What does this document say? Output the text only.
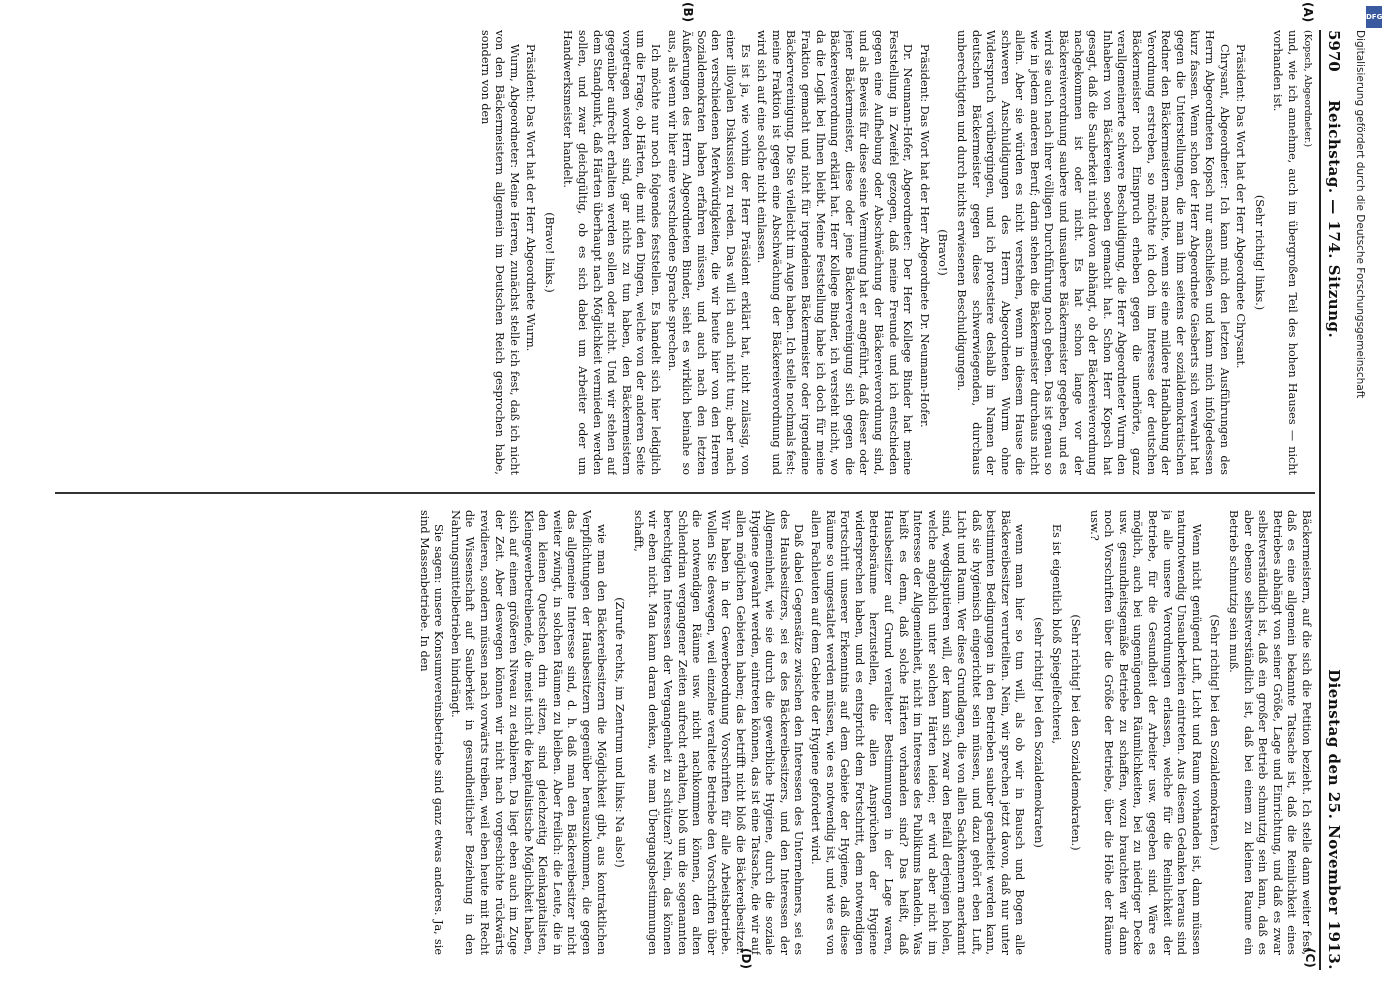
5970
Reichstag. — 174. Sitzung.
Dienstag den 25. November 1913.
(A)
(B)
(C)
(D)

(Kopsch, Abgeordneter.)

und, wie ich annehme, auch im übergroßen Teil des hohen Hauses — nicht vorhanden ist.

(Sehr richtig! links.)

Präsident: Das Wort hat der Herr Abgeordnete Chrysant.

Chrysant, Abgeordneter: Ich kann mich den letzten Ausführungen des Herrn Abgeordneten Kopsch nur anschließen und kann mich infolgedessen kurz fassen. Wenn schon der Herr Abgeordnete Giesberts sich verwahrt hat gegen die Unterstellungen, die man ihm seitens der sozialdemokratischen Redner den Bäckermeistern machte, wenn sie eine mildere Handhabung der Verordnung erstreben, so möchte ich doch im Interesse der deutschen Bäckermeister noch Einspruch erheben gegen die unerhörte, ganz verallgemeinerte schwere Beschuldigung, die Herr Abgeordneter Wurm den Inhabern von Bäckereien soeben gemacht hat. Schon Herr Kopsch hat gesagt, daß die Sauberkeit nicht davon abhängt, ob der Bäckereiverordnung nachgekommen ist oder nicht. Es hat schon lange vor der Bäckereiverordnung saubere und unsaubere Bäckermeister gegeben, und es wird sie auch nach ihrer völligen Durchführung noch geben. Das ist genau so wie in jedem anderen Beruf; darin stehen die Bäckermeister durchaus nicht allein. Aber sie würden es nicht verstehen, wenn in diesem Hause die schweren Anschuldigungen des Herrn Abgeordneten Wurm ohne Widerspruch vorübergingen, und ich protestiere deshalb im Namen der deutschen Bäckermeister gegen diese schwerwiegenden, durchaus unberechtigten und durch nichts erwiesenen Beschuldigungen.

(Bravo!)

Präsident: Das Wort hat der Herr Abgeordnete Dr. Neumann-Hofer.

Dr. Neumann-Hofer, Abgeordneter: Der Herr Kollege Binder hat meine Feststellung in Zweifel gezogen, daß meine Freunde und ich entschieden gegen eine Aufhebung oder Abschwächung der Bäckereiverordnung sind, und als Beweis für diese seine Vermutung hat er angeführt, daß dieser oder jener Bäckermeister, diese oder jene Bäckervereinigung sich gegen die Bäckereiverordnung erklärt hat. Herr Kollege Binder, ich versteht nicht, wo da die Logik bei Ihnen bleibt. Meine Feststellung habe ich doch für meine Fraktion gemacht und nicht für irgendeinen Bäckermeister oder irgendeine Bäckervereinigung. Die Sie vielleicht im Auge haben. Ich stelle nochmals fest: meine Fraktion ist gegen eine Abschwächung der Bäckereiverordnung und wird sich auf eine solche nicht einlassen.

Es ist ja, wie vorhin der Herr Präsident erklärt hat, nicht zulässig, von einer illoyalen Diskussion zu reden. Das will ich auch nicht tun; aber nach den verschiedenen Merkwürdigkeiten, die wir heute hier von den Herren Sozialdemokraten haben erfahren müssen, und auch nach den letzten Äußerungen des Herrn Abgeordneten Binder, sieht es wirklich beinahe so aus, als wenn wir hier eine verschiedene Sprache sprechen.

Ich möchte nur noch folgendes feststellen. Es handelt sich hier lediglich um die Frage, ob Härten, die mit den Dingen, welche von der anderen Seite vorgetragen worden sind, gar nichts zu tun haben, den Bäckermeistern gegenüber aufrecht erhalten werden sollen oder nicht. Und wir stehen auf dem Standpunkt, daß Härten überhaupt nach Möglichkeit vermieden werden sollen, und zwar gleichgültig, ob es sich dabei um Arbeiter oder um Handwerksmeister handelt.

(Bravo! links.)

Präsident: Das Wort hat der Herr Abgeordnete Wurm.

Wurm, Abgeordneter: Meine Herren, zunächst stelle ich fest, daß ich nicht von den Bäckermeistern allgemein im Deutschen Reich gesprochen habe, sondern von den

Bäckermeistern, auf die sich die Petition bezieht. Ich stelle dann weiter fest, daß es eine allgemein bekannte Tatsache ist, daß die Reinlichkeit eines Betriebes abhängt von seiner Größe, Lage und Einrichtung, und daß es zwar selbstverständlich ist, daß ein großer Betrieb schmutzig sein kann, daß es aber ebenso selbstverständlich ist, daß bei einem zu kleinen Raume ein Betrieb schmutzig sein muß.

(Sehr richtig! bei den Sozialdemokraten.)

Wenn nicht genügend Luft, Licht und Raum vorhanden ist, dann müssen naturnotwendig Unsauberkeiten eintreten. Aus diesem Gedanken heraus sind ja alle unsere Verordnungen erlassen, welche für die Reinlichkeit der Betriebe, für die Gesundheit der Arbeiter usw. gegeben sind. Wäre es möglich, auch bei ungenügenden Räumlichkeiten, bei zu niedriger Decke usw. gesundheitsgemäße Betriebe zu schaffen, wozu brauchten wir dann noch Vorschriften über die Größe der Betriebe, über die Höhe der Räume usw.?

(Sehr richtig! bei den Sozialdemokraten.)

Es ist eigentlich bloß Spiegelfechterei,

(sehr richtig! bei den Sozialdemokraten)

wenn man hier so tun will, als ob wir in Bausch und Bogen alle Bäckereibesitzer verurteilten. Nein, wir sprechen jetzt davon, daß nur unter bestimmten Bedingungen in den Betrieben sauber gearbeitet werden kann, daß sie hygienisch eingerichtet sein müssen, und dazu gehört eben Luft, Licht und Raum. Wer diese Grundlagen, die von allen Sachkennern anerkannt sind, wegdisputieren will, der kann sich zwar den Beifall derjenigen holen, welche angeblich unter solchen Härten leiden; er wird aber nicht im Interesse der Allgemeinheit, nicht im Interesse des Publikums handeln. Was heißt es denn, daß solche Härten vorhanden sind? Das heißt, daß Hausbesitzer auf Grund veralteter Bestimmungen in der Lage waren, Betriebsräume herzustellen, die allen Ansprüchen der Hygiene widersprechen haben, und es entspricht dem Fortschritt, dem notwendigen Fortschritt unserer Erkenntnis auf dem Gebiete der Hygiene, daß diese Räume so umgestaltet werden müssen, wie es notwendig ist, und wie es von allen Fachleuten auf dem Gebiete der Hygiene gefordert wird.

Daß dabei Gegensätze zwischen den Interessen des Unternehmers, sei es des Hausbesitzers, sei es des Bäckereibesitzers, und den Interessen der Allgemeinheit, wie sie durch die gewerbliche Hygiene, durch die soziale Hygiene gewahrt werden, eintreten können, das ist eine Tatsache, die wir auf allen möglichen Gebieten haben; das betrifft nicht bloß die Bäckereibesitzer. Wir haben in der Gewerbeordnung Vorschriften für alle Arbeitsbetriebe. Wollen Sie deswegen, weil einzelne veraltete Betriebe den Vorschriften über die notwendigen Räume usw. nicht nachkommen können, den alten Schlendrian vergangener Zeiten aufrecht erhalten, bloß um die sogenannten berechtigten Interessen der Vergangenheit zu schützen? Nein, das können wir eben nicht. Man kann daran denken, wie man Übergangsbestimmungen schafft,

(Zurufe rechts, im Zentrum und links: Na also!)

wie man den Bäckereibesitzern die Möglichkeit gibt, aus kontraktlichen Verpflichtungen der Hausbesitzern gegenüber herauszukommen, die gegen das allgemeine Interesse sind, d. h. daß man den Bäckereibesitzer nicht weiter zwingt, in solchen Räumen zu bleiben. Aber freilich: die Leute, die in den kleinen Quetschen drin sitzen, sind gleichzeitig Kleinkapitalisten, Kleingewerbetreibende, die meist nicht die kapitalistische Möglichkeit haben, sich auf einem größeren Niveau zu etablieren. Da liegt eben auch im Zuge der Zeit. Aber deswegen können wir nicht nach vorgeschichte rückwärts revidieren, sondern müssen nach vorwärts treiben, weil eben heute mit Recht die Wissenschaft auf Sauberkeit in gesundheitlicher Beziehung in den Nahrungsmittelbetrieben hindrängt.

Sie sagen: unsere Konsumvereinsbetriebe sind ganz etwas anderes. Ja, sie sind Massenbetriebe. In den

DFG
Digitalisierung gefördert durch die Deutsche Forschungsgemeinschaft
